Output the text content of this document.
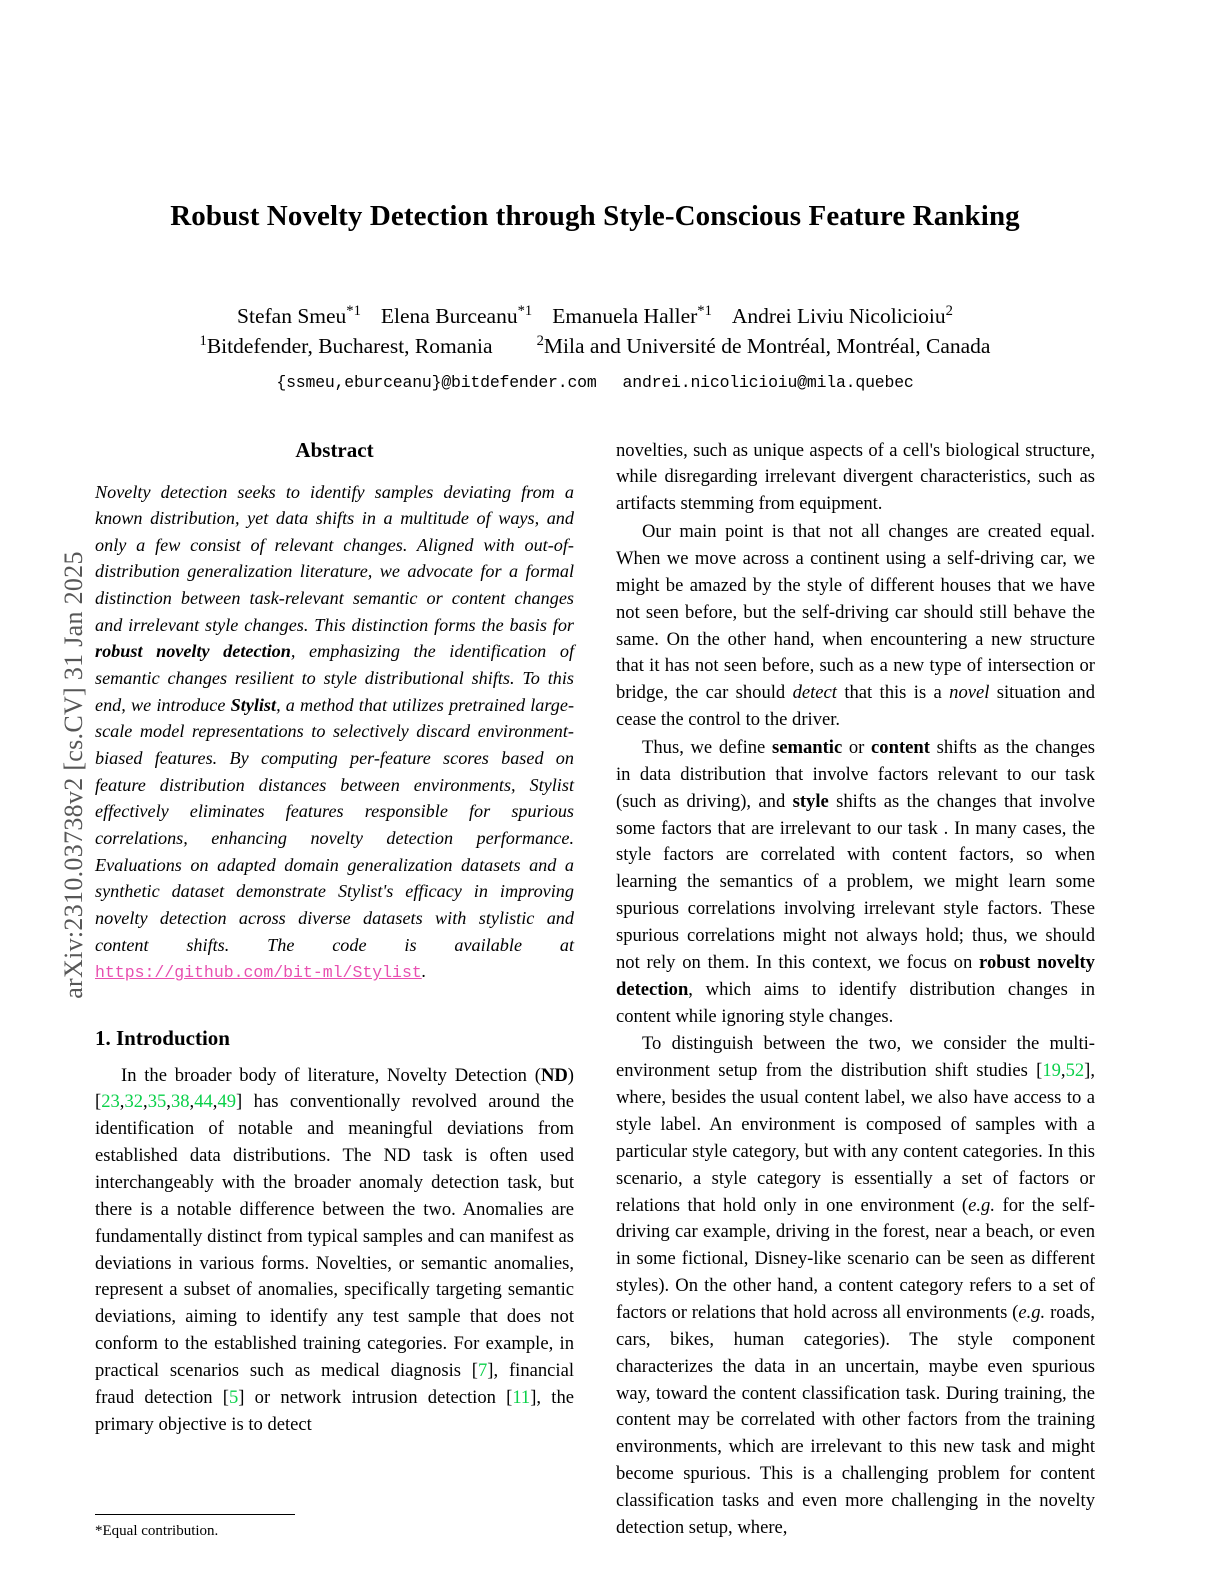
arXiv:2310.03738v2 [cs.CV] 31 Jan 2025
Robust Novelty Detection through Style-Conscious Feature Ranking
Stefan Smeu$^{*1}$ Elena Burceanu$^{*1}$ Emanuela Haller$^{*1}$ Andrei Liviu Nicolicioiu$^2$
$^1$Bitdefender, Bucharest, Romania	$^2$Mila and Université de Montréal, Montréal, Canada
{ssmeu,eburceanu}@bitdefender.com andrei.nicolicioiu@mila.quebec
Abstract
Novelty detection seeks to identify samples deviating from a known distribution, yet data shifts in a multitude of ways, and only a few consist of relevant changes. Aligned with out-of-distribution generalization literature, we advocate for a formal distinction between task-relevant semantic or content changes and irrelevant style changes. This distinction forms the basis for robust novelty detection, emphasizing the identification of semantic changes resilient to style distributional shifts. To this end, we introduce Stylist, a method that utilizes pretrained large-scale model representations to selectively discard environment-biased features. By computing per-feature scores based on feature distribution distances between environments, Stylist effectively eliminates features responsible for spurious correlations, enhancing novelty detection performance. Evaluations on adapted domain generalization datasets and a synthetic dataset demonstrate Stylist's efficacy in improving novelty detection across diverse datasets with stylistic and content shifts. The code is available at https://github.com/bit-ml/Stylist.
1. Introduction

In the broader body of literature, Novelty Detection (ND) [23,32,35,38,44,49] has conventionally revolved around the identification of notable and meaningful deviations from established data distributions. The ND task is often used interchangeably with the broader anomaly detection task, but there is a notable difference between the two. Anomalies are fundamentally distinct from typical samples and can manifest as deviations in various forms. Novelties, or semantic anomalies, represent a subset of anomalies, specifically targeting semantic deviations, aiming to identify any test sample that does not conform to the established training categories. For example, in practical scenarios such as medical diagnosis [7], financial fraud detection [5] or network intrusion detection [11], the primary objective is to detect

*Equal contribution.

novelties, such as unique aspects of a cell's biological structure, while disregarding irrelevant divergent characteristics, such as artifacts stemming from equipment.

Our main point is that not all changes are created equal. When we move across a continent using a self-driving car, we might be amazed by the style of different houses that we have not seen before, but the self-driving car should still behave the same. On the other hand, when encountering a new structure that it has not seen before, such as a new type of intersection or bridge, the car should detect that this is a novel situation and cease the control to the driver.

Thus, we define semantic or content shifts as the changes in data distribution that involve factors relevant to our task (such as driving), and style shifts as the changes that involve some factors that are irrelevant to our task . In many cases, the style factors are correlated with content factors, so when learning the semantics of a problem, we might learn some spurious correlations involving irrelevant style factors. These spurious correlations might not always hold; thus, we should not rely on them. In this context, we focus on robust novelty detection, which aims to identify distribution changes in content while ignoring style changes.

To distinguish between the two, we consider the multi-environment setup from the distribution shift studies [19,52], where, besides the usual content label, we also have access to a style label. An environment is composed of samples with a particular style category, but with any content categories. In this scenario, a style category is essentially a set of factors or relations that hold only in one environment (e.g. for the self-driving car example, driving in the forest, near a beach, or even in some fictional, Disney-like scenario can be seen as different styles). On the other hand, a content category refers to a set of factors or relations that hold across all environments (e.g. roads, cars, bikes, human categories). The style component characterizes the data in an uncertain, maybe even spurious way, toward the content classification task. During training, the content may be correlated with other factors from the training environments, which are irrelevant to this new task and might become spurious. This is a challenging problem for content classification tasks and even more challenging in the novelty detection setup, where,
